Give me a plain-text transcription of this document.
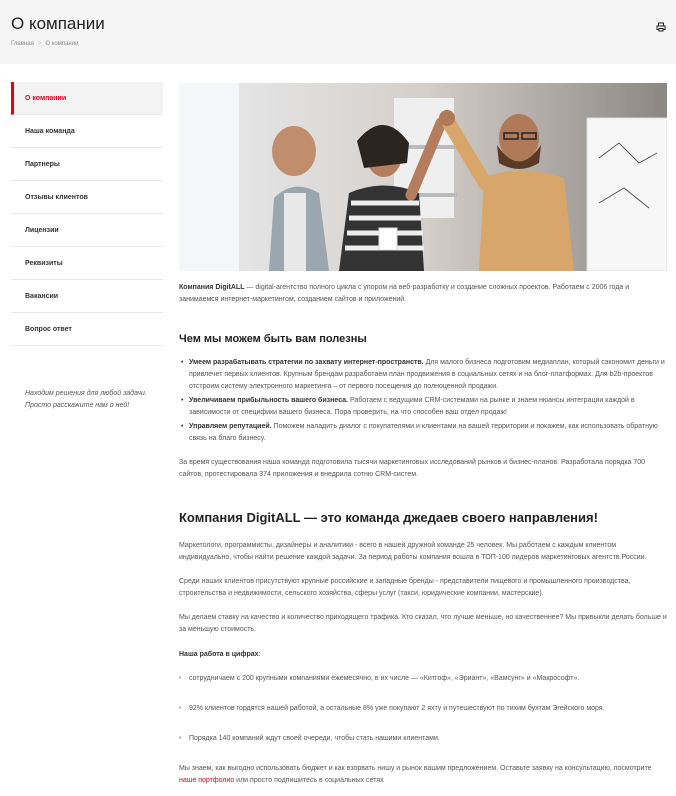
О компании
Главная > О компании
О компании
Наша команда
Партнеры
Отзывы клиентов
Лицензии
Реквизиты
Вакансии
Вопрос ответ
Находим решения для любой задачи.
Просто расскажите нам о ней!

Компания DigitALL — digital-агентство полного цикла с упором на веб-разработку и создание сложных проектов. Работаем с 2006 года и занимаемся интернет-маркетингом, созданием сайтов и приложений.

Чем мы можем быть вам полезны
• Умеем разрабатывать стратегии по захвату интернет-пространств. Для малого бизнеса подготовим медиаплан, который сэкономит деньги и привлечет первых клиентов. Крупным брендам разработаем план продвижения в социальных сетях и на блог-платформах. Для b2b-проектов отстроим систему электронного маркетинга – от первого посещения до полноценной продажи.
• Увеличиваем прибыльность вашего бизнеса. Работаем с ведущими CRM-системами на рынке и знаем нюансы интеграции каждой в зависимости от специфики вашего бизнеса. Пора проверить, на что способен ваш отдел продаж!
• Управляем репутацией. Поможем наладить диалог с покупателями и клиентами на вашей территории и покажем, как использовать обратную связь на благо бизнесу.

За время существования наша команда подготовила тысячи маркетинговых исследований рынков и бизнес-планов. Разработала порядка 700 сайтов, протестировала 374 приложения и внедрила сотню CRM-систем.

Компания DigitALL — это команда джедаев своего направления!

Маркетологи, программисты, дизайнеры и аналитики - всего в нашей дружной команде 25 человек. Мы работаем с каждым клиентом индивидуально, чтобы найти решение каждой задачи. За период работы компания вошла в ТОП-100 лидеров маркетинговых агентств России.

Среди наших клиентов присутствуют крупные российские и западные бренды - представители пищевого и промышленного производства, строительства и недвижимости, сельского хозяйства, сферы услуг (такси, юридические компании, мастерские).

Мы делаем ставку на качество и количество приходящего трафика. Кто сказал, что лучше меньше, но качественнее? Мы привыкли делать больше и за меньшую стоимость.

Наша работа в цифрах:

• сотрудничаем с 200 крупными компаниями ежемесячно, в их числе — «Китгоф», «Эриант», «Вамсунг» и «Макрософт».
• 92% клиентов гордятся нашей работой, а остальные 8% уже покупают 2 яхту и путешествуют по тихим бухтам Эгейского моря.
• Порядка 140 компаний ждут своей очереди, чтобы стать нашими клиентами.

Мы знаем, как выгодно использовать бюджет и как взорвать нишу и рынок вашим предложением. Оставьте заявку на консультацию, посмотрите наше портфолио или просто подпишитесь в социальных сетях
